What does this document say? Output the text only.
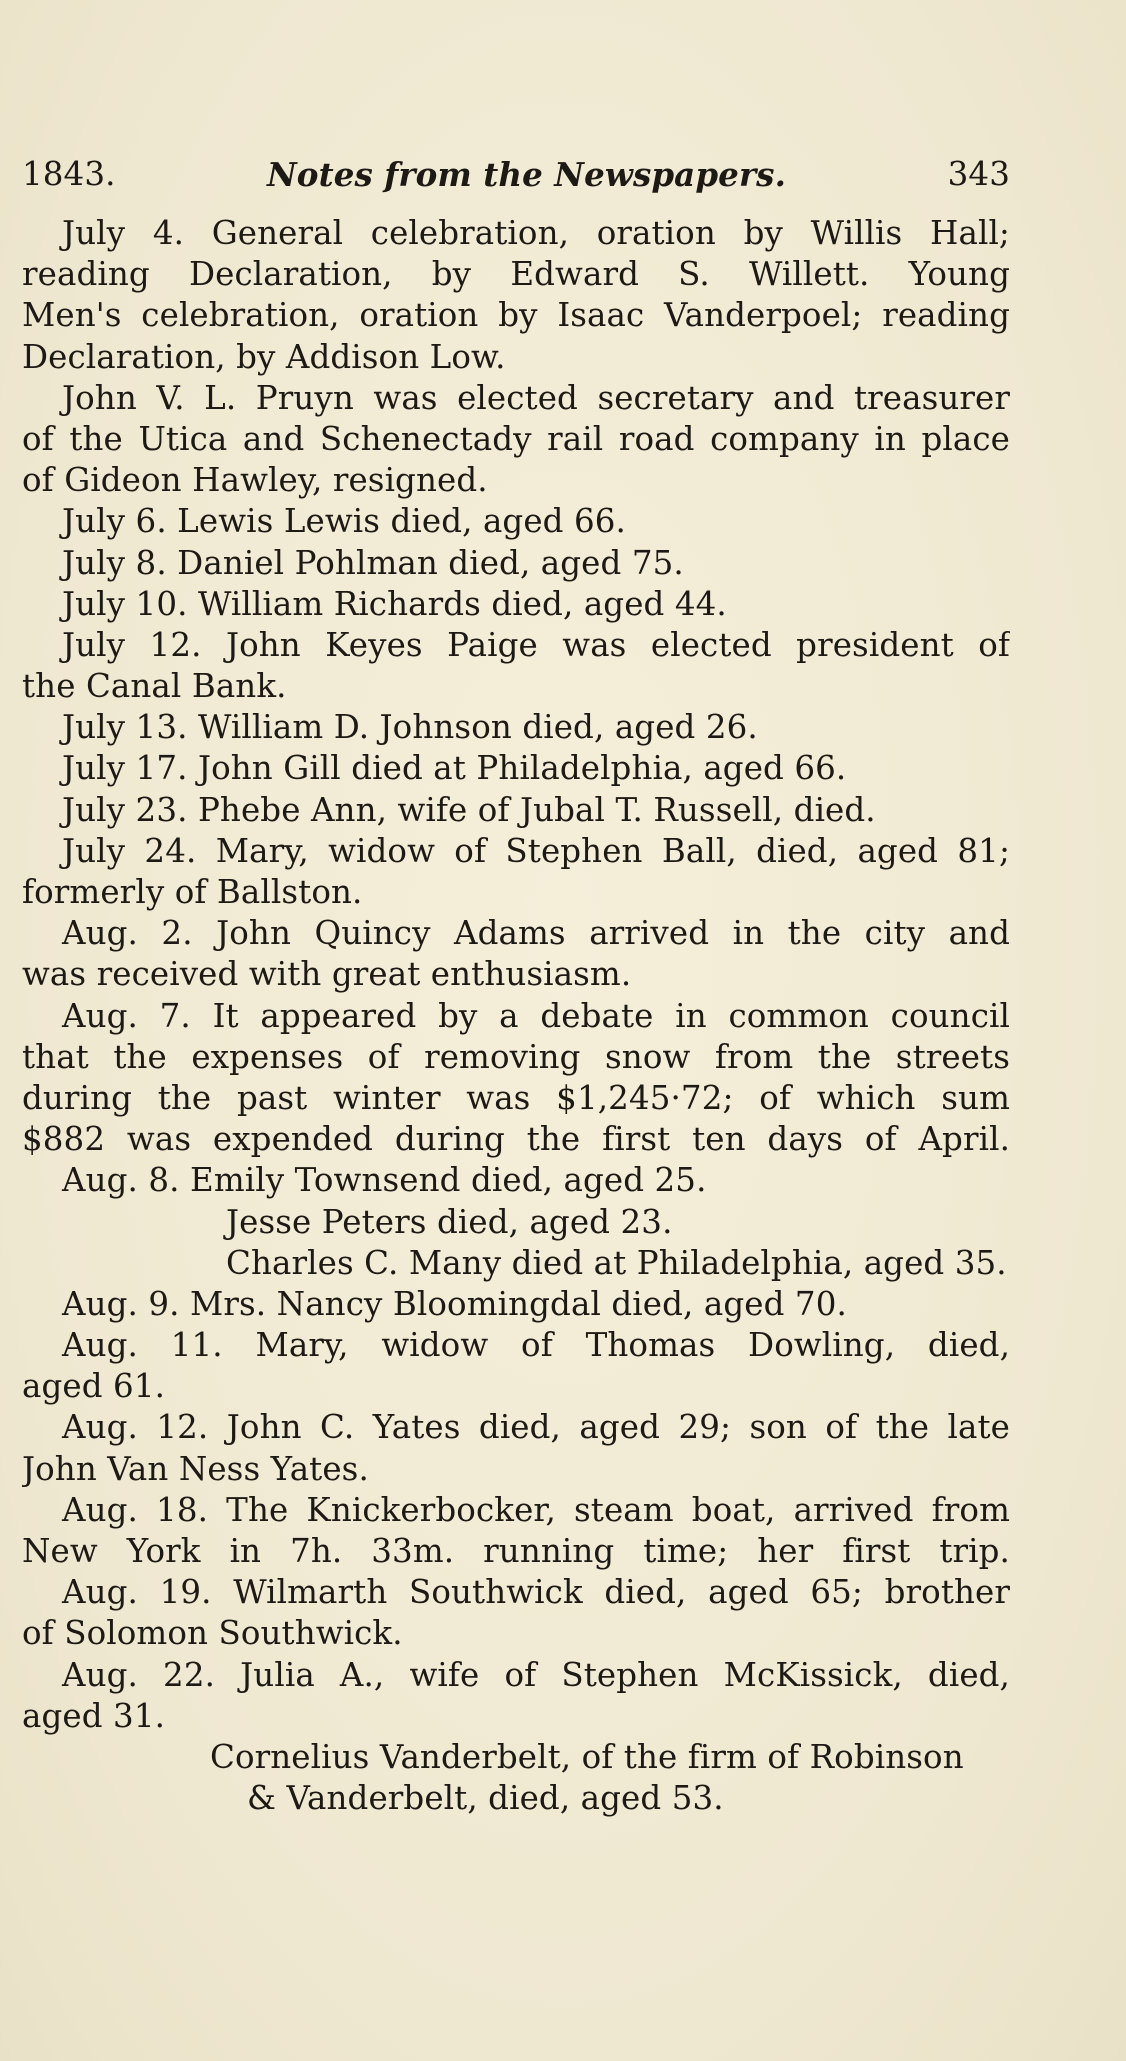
1843.	Notes from the Newspapers.	343
July 4. General celebration, oration by Willis Hall;
reading Declaration, by Edward S. Willett. Young
Men's celebration, oration by Isaac Vanderpoel; reading
Declaration, by Addison Low.
John V. L. Pruyn was elected secretary and treasurer
of the Utica and Schenectady rail road company in place
of Gideon Hawley, resigned.
July 6. Lewis Lewis died, aged 66.
July 8. Daniel Pohlman died, aged 75.
July 10. William Richards died, aged 44.
July 12. John Keyes Paige was elected president of
the Canal Bank.
July 13. William D. Johnson died, aged 26.
July 17. John Gill died at Philadelphia, aged 66.
July 23. Phebe Ann, wife of Jubal T. Russell, died.
July 24. Mary, widow of Stephen Ball, died, aged 81;
formerly of Ballston.
Aug. 2. John Quincy Adams arrived in the city and
was received with great enthusiasm.
Aug. 7. It appeared by a debate in common council
that the expenses of removing snow from the streets
during the past winter was $1,245·72; of which sum
$882 was expended during the first ten days of April.
Aug. 8. Emily Townsend died, aged 25.
Jesse Peters died, aged 23.
Charles C. Many died at Philadelphia, aged 35.
Aug. 9. Mrs. Nancy Bloomingdal died, aged 70.
Aug. 11. Mary, widow of Thomas Dowling, died,
aged 61.
Aug. 12. John C. Yates died, aged 29; son of the late
John Van Ness Yates.
Aug. 18. The Knickerbocker, steam boat, arrived from
New York in 7h. 33m. running time; her first trip.
Aug. 19. Wilmarth Southwick died, aged 65; brother
of Solomon Southwick.
Aug. 22. Julia A., wife of Stephen McKissick, died,
aged 31.
Cornelius Vanderbelt, of the firm of Robinson
& Vanderbelt, died, aged 53.
